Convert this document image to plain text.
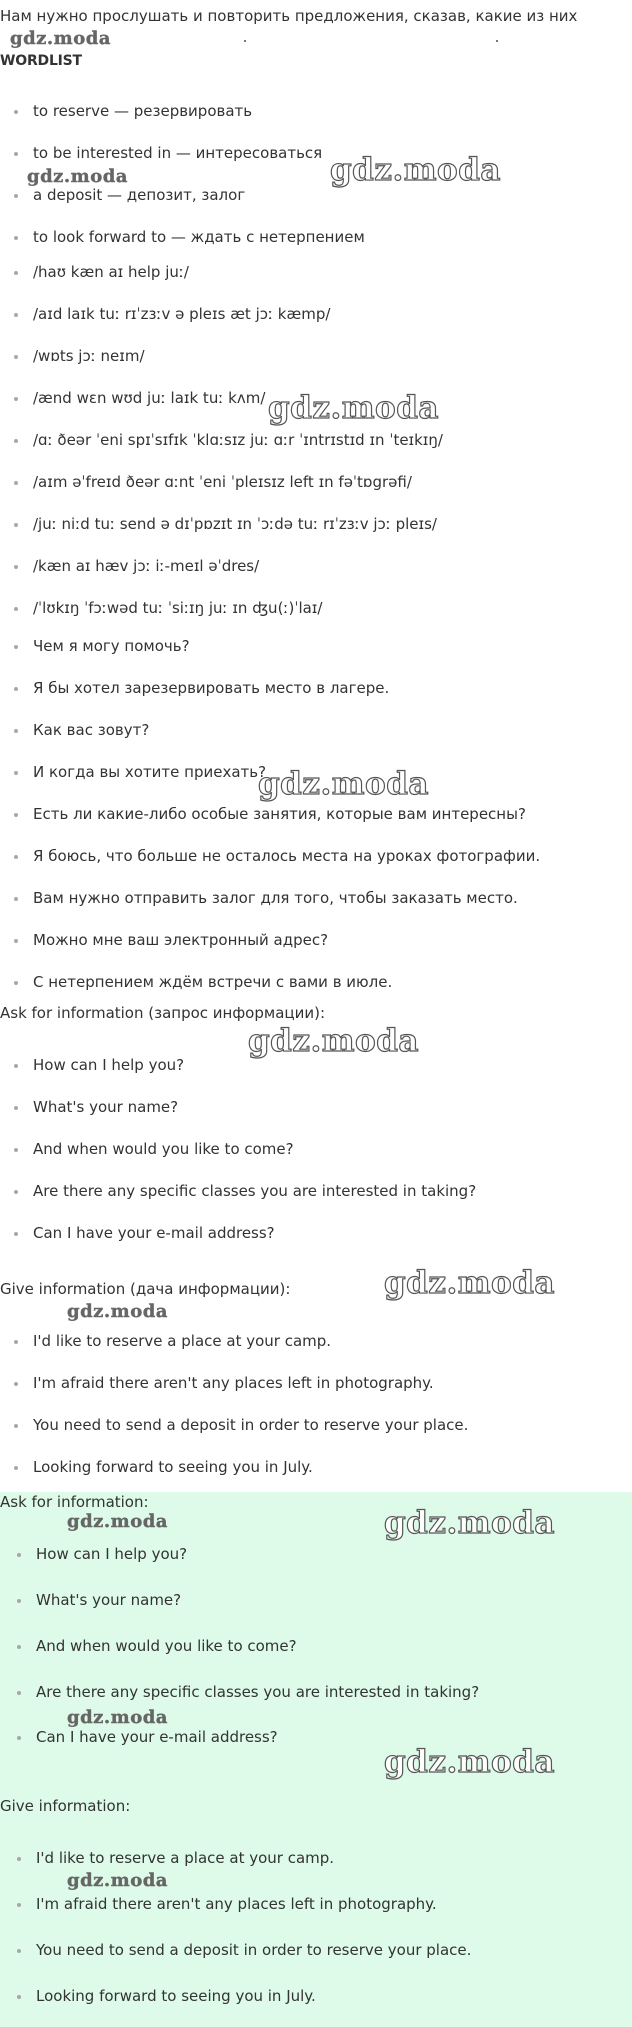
Нам нужно прослушать и повторить предложения, сказав, какие из них
WORDLIST
to reserve — резервировать
to be interested in — интересоваться
a deposit — депозит, залог
to look forward to — ждать с нетерпением
/haʊ kæn aɪ help juː/
/aɪd laɪk tuː rɪˈzɜːv ə pleɪs æt jɔː kæmp/
/wɒts jɔː neɪm/
/ænd wɛn wʊd juː laɪk tuː kʌm/
/ɑː ðeər ˈeni spɪˈsɪfɪk ˈklɑːsɪz juː ɑːr ˈɪntrɪstɪd ɪn ˈteɪkɪŋ/
/aɪm əˈfreɪd ðeər ɑːnt ˈeni ˈpleɪsɪz left ɪn fəˈtɒgrəfi/
/juː niːd tuː send ə dɪˈpɒzɪt ɪn ˈɔːdə tuː rɪˈzɜːv jɔː pleɪs/
/kæn aɪ hæv jɔː iː-meɪl əˈdres/
/ˈlʊkɪŋ ˈfɔːwəd tuː ˈsiːɪŋ juː ɪn ʤu(ː)ˈlaɪ/
Чем я могу помочь?
Я бы хотел зарезервировать место в лагере.
Как вас зовут?
И когда вы хотите приехать?
Есть ли какие-либо особые занятия, которые вам интересны?
Я боюсь, что больше не осталось места на уроках фотографии.
Вам нужно отправить залог для того, чтобы заказать место.
Можно мне ваш электронный адрес?
С нетерпением ждём встречи с вами в июле.
Ask for information (запрос информации):
How can I help you?
What's your name?
And when would you like to come?
Are there any specific classes you are interested in taking?
Can I have your e-mail address?
Give information (дача информации):
I'd like to reserve a place at your camp.
I'm afraid there aren't any places left in photography.
You need to send a deposit in order to reserve your place.
Looking forward to seeing you in July.
Ask for information:
How can I help you?
What's your name?
And when would you like to come?
Are there any specific classes you are interested in taking?
Can I have your e-mail address?
Give information:
I'd like to reserve a place at your camp.
I'm afraid there aren't any places left in photography.
You need to send a deposit in order to reserve your place.
Looking forward to seeing you in July.
gdz.moda
gdz.moda	gdz.moda
gdz.moda
gdz.moda
gdz.moda
gdz.moda
gdz.moda
gdz.moda	gdz.moda
gdz.moda
gdz.moda
gdz.moda
